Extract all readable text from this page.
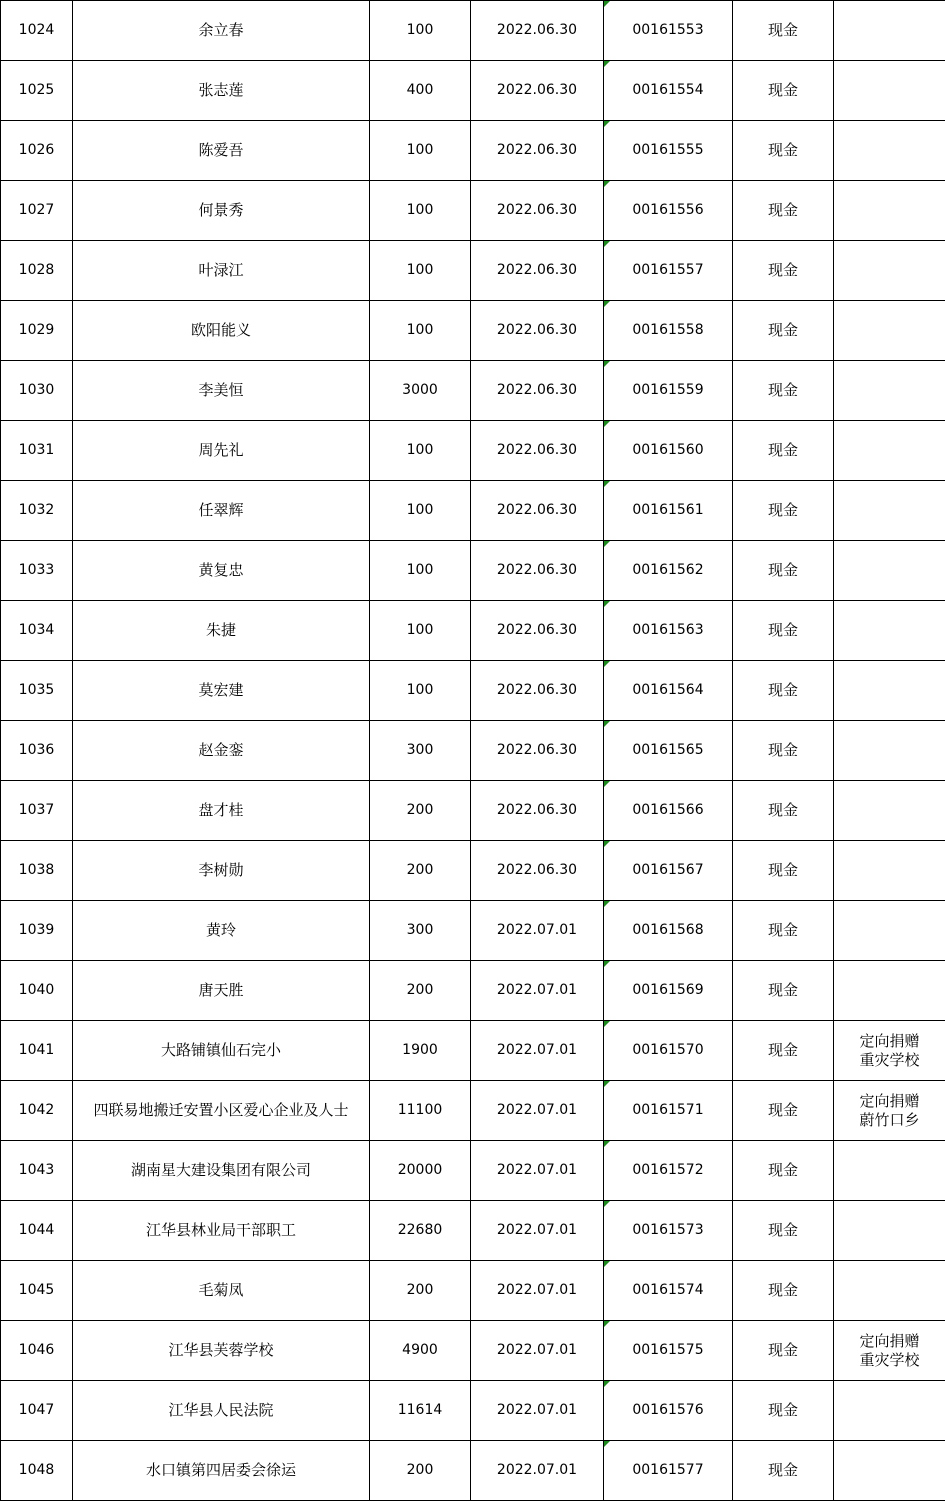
1024	余立春	100	2022.06.30	00161553	现金	

1025	张志莲	400	2022.06.30	00161554	现金	

1026	陈爱吾	100	2022.06.30	00161555	现金	

1027	何景秀	100	2022.06.30	00161556	现金	

1028	叶渌江	100	2022.06.30	00161557	现金	

1029	欧阳能义	100	2022.06.30	00161558	现金	

1030	李美恒	3000	2022.06.30	00161559	现金	

1031	周先礼	100	2022.06.30	00161560	现金	

1032	任翠辉	100	2022.06.30	00161561	现金	

1033	黄复忠	100	2022.06.30	00161562	现金	

1034	朱捷	100	2022.06.30	00161563	现金	

1035	莫宏建	100	2022.06.30	00161564	现金	

1036	赵金銮	300	2022.06.30	00161565	现金	

1037	盘才桂	200	2022.06.30	00161566	现金	

1038	李树勋	200	2022.06.30	00161567	现金	

1039	黄玲	300	2022.07.01	00161568	现金	

1040	唐天胜	200	2022.07.01	00161569	现金	

1041	大路铺镇仙石完小	1900	2022.07.01	00161570	现金	定向捐赠
重灾学校

1042	四联易地搬迁安置小区爱心企业及人士	11100	2022.07.01	00161571	现金	定向捐赠
蔚竹口乡

1043	湖南星大建设集团有限公司	20000	2022.07.01	00161572	现金	

1044	江华县林业局干部职工	22680	2022.07.01	00161573	现金	

1045	毛菊凤	200	2022.07.01	00161574	现金	

1046	江华县芙蓉学校	4900	2022.07.01	00161575	现金	定向捐赠
重灾学校

1047	江华县人民法院	11614	2022.07.01	00161576	现金	

1048	水口镇第四居委会徐运	200	2022.07.01	00161577	现金	
